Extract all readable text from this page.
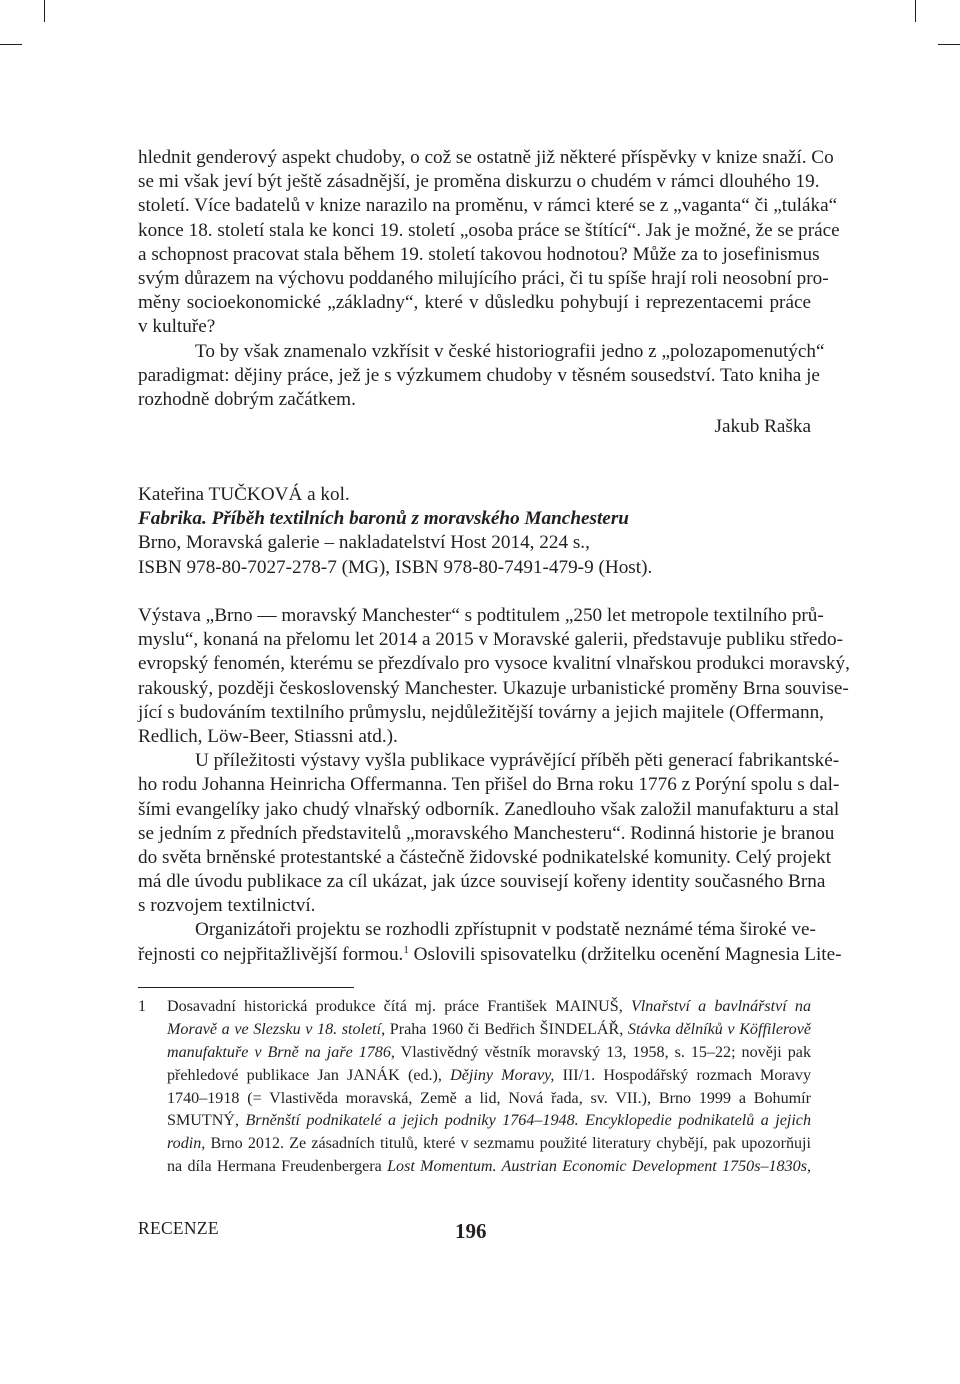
hlednit genderový aspekt chudoby, o což se ostatně již některé příspěvky v knize snaží. Co
se mi však jeví být ještě zásadnější, je proměna diskurzu o chudém v rámci dlouhého 19.
století. Více badatelů v knize narazilo na proměnu, v rámci které se z „vaganta“ či „tuláka“
konce 18. století stala ke konci 19. století „osoba práce se štítící“. Jak je možné, že se práce
a schopnost pracovat stala během 19. století takovou hodnotou? Může za to josefinismus
svým důrazem na výchovu poddaného milujícího práci, či tu spíše hrají roli neosobní pro-
měny socioekonomické „základny“, které v důsledku pohybují i reprezentacemi práce
v kultuře?
To by však znamenalo vzkřísit v české historiografii jedno z „polozapomenutých“
paradigmat: dějiny práce, jež je s výzkumem chudoby v těsném sousedství. Tato kniha je
rozhodně dobrým začátkem.
Jakub Raška
Kateřina TUČKOVÁ a kol.
Fabrika. Příběh textilních baronů z moravského Manchesteru
Brno, Moravská galerie – nakladatelství Host 2014, 224 s.,
ISBN 978-80-7027-278-7 (MG), ISBN 978-80-7491-479-9 (Host).
Výstava „Brno — moravský Manchester“ s podtitulem „250 let metropole textilního prů-
myslu“, konaná na přelomu let 2014 a 2015 v Moravské galerii, představuje publiku středo-
evropský fenomén, kterému se přezdívalo pro vysoce kvalitní vlnařskou produkci moravský,
rakouský, později československý Manchester. Ukazuje urbanistické proměny Brna souvise-
jící s budováním textilního průmyslu, nejdůležitější továrny a jejich majitele (Offermann,
Redlich, Löw-Beer, Stiassni atd.).
U příležitosti výstavy vyšla publikace vyprávějící příběh pěti generací fabrikantské-
ho rodu Johanna Heinricha Offermanna. Ten přišel do Brna roku 1776 z Porýní spolu s dal-
šími evangelíky jako chudý vlnařský odborník. Zanedlouho však založil manufakturu a stal
se jedním z předních představitelů „moravského Manchesteru“. Rodinná historie je branou
do světa brněnské protestantské a částečně židovské podnikatelské komunity. Celý projekt
má dle úvodu publikace za cíl ukázat, jak úzce souvisejí kořeny identity současného Brna
s rozvojem textilnictví.
Organizátoři projektu se rozhodli zpřístupnit v podstatě neznámé téma široké ve-
řejnosti co nejpřitažlivější formou.$^1$ Oslovili spisovatelku (držitelku ocenění Magnesia Lite-
1 Dosavadní historická produkce čítá mj. práce František MAINUŠ, Vlnařství a bavlnářství na
Moravě a ve Slezsku v 18. století, Praha 1960 či Bedřich ŠINDELÁŘ, Stávka dělníků v Köffilerově
manufaktuře v Brně na jaře 1786, Vlastivědný věstník moravský 13, 1958, s. 15–22; nověji pak
přehledové publikace Jan JANÁK (ed.), Dějiny Moravy, III/1. Hospodářský rozmach Moravy
1740–1918 (= Vlastivěda moravská, Země a lid, Nová řada, sv. VII.), Brno 1999 a Bohumír
SMUTNÝ, Brněnští podnikatelé a jejich podniky 1764–1948. Encyklopedie podnikatelů a jejich
rodin, Brno 2012. Ze zásadních titulů, které v sezmamu použité literatury chybějí, pak upozorňuji
na díla Hermana Freudenbergera Lost Momentum. Austrian Economic Development 1750s–1830s,
RECENZE	196
